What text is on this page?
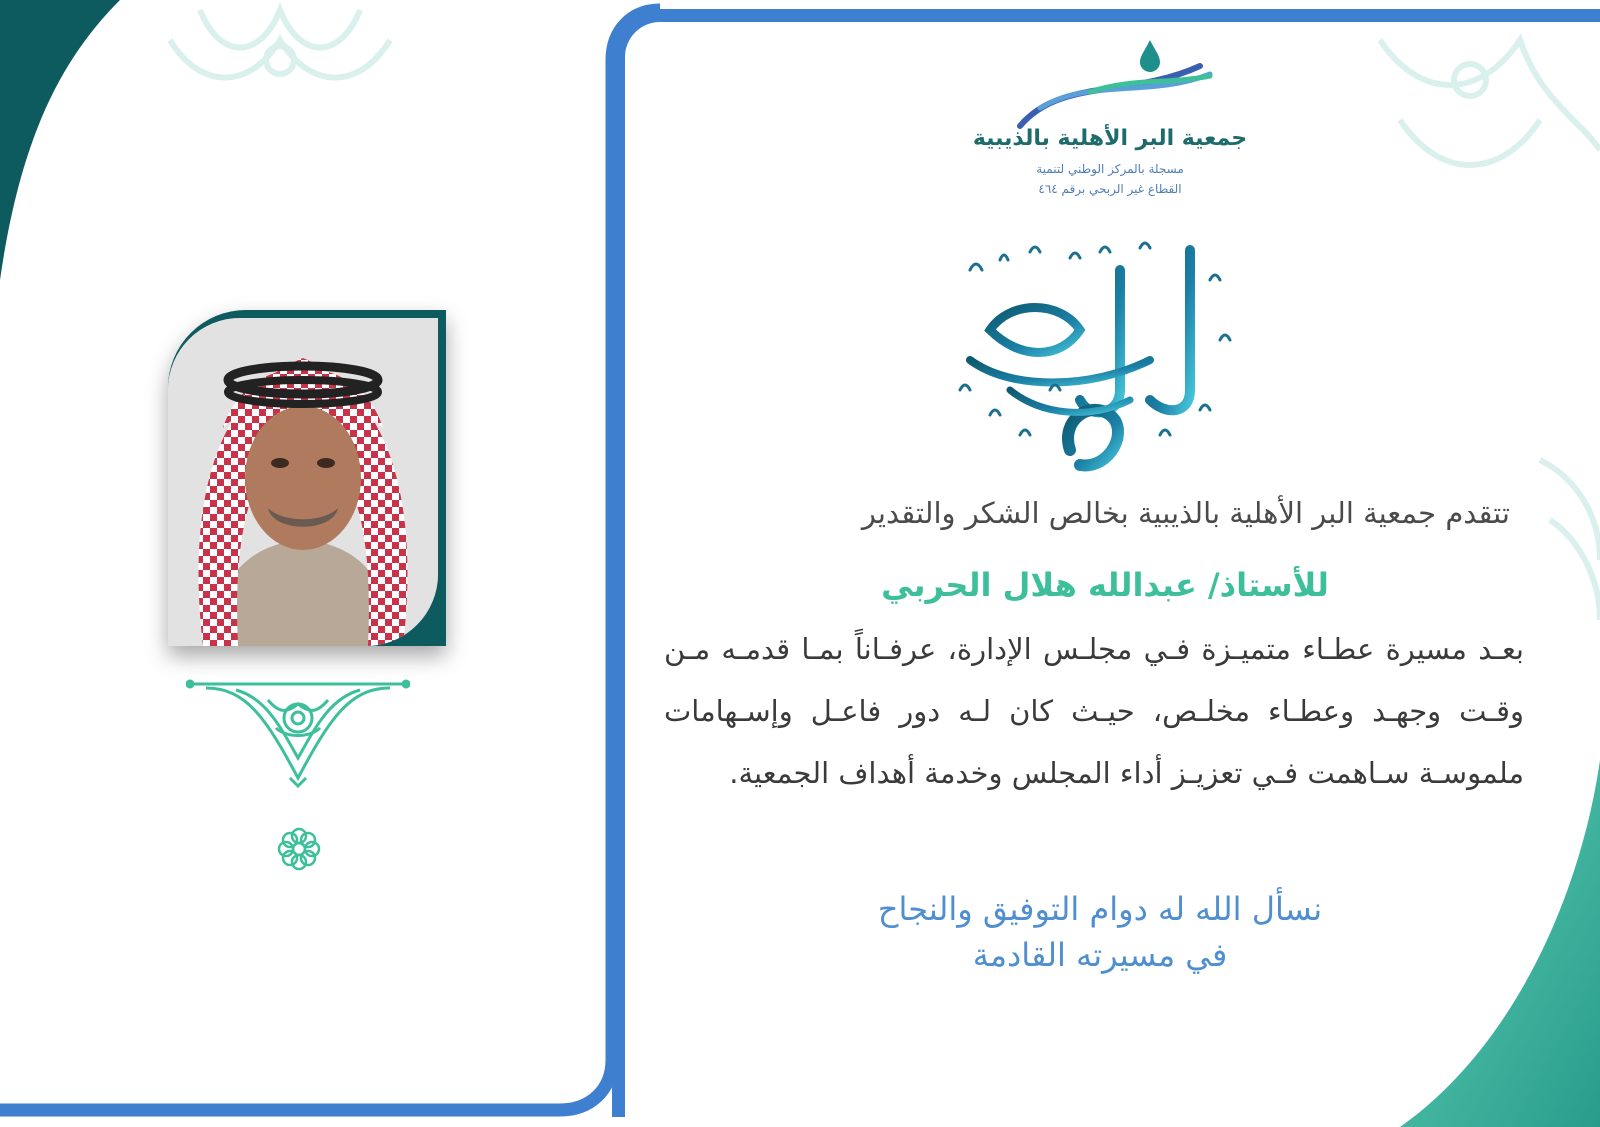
جمعية البر الأهلية بالذيبية
مسجلة بالمركز الوطني لتنمية
القطاع غير الربحي برقم ٤٦٤
تتقدم جمعية البر الأهلية بالذيبية بخالص الشكر والتقدير
للأستاذ/ عبدالله هلال الحربي
بعـد مسيرة عطـاء متميـزة فـي مجلـس الإدارة، عرفـاناً بمـا قدمـه مـن وقـت وجهـد وعطـاء مخلـص، حيـث كان لـه دور فاعـل وإسـهامات ملموسـة سـاهمت فـي تعزيـز أداء المجلس وخدمة أهداف الجمعية.
نسأل الله له دوام التوفيق والنجاح
في مسيرته القادمة
